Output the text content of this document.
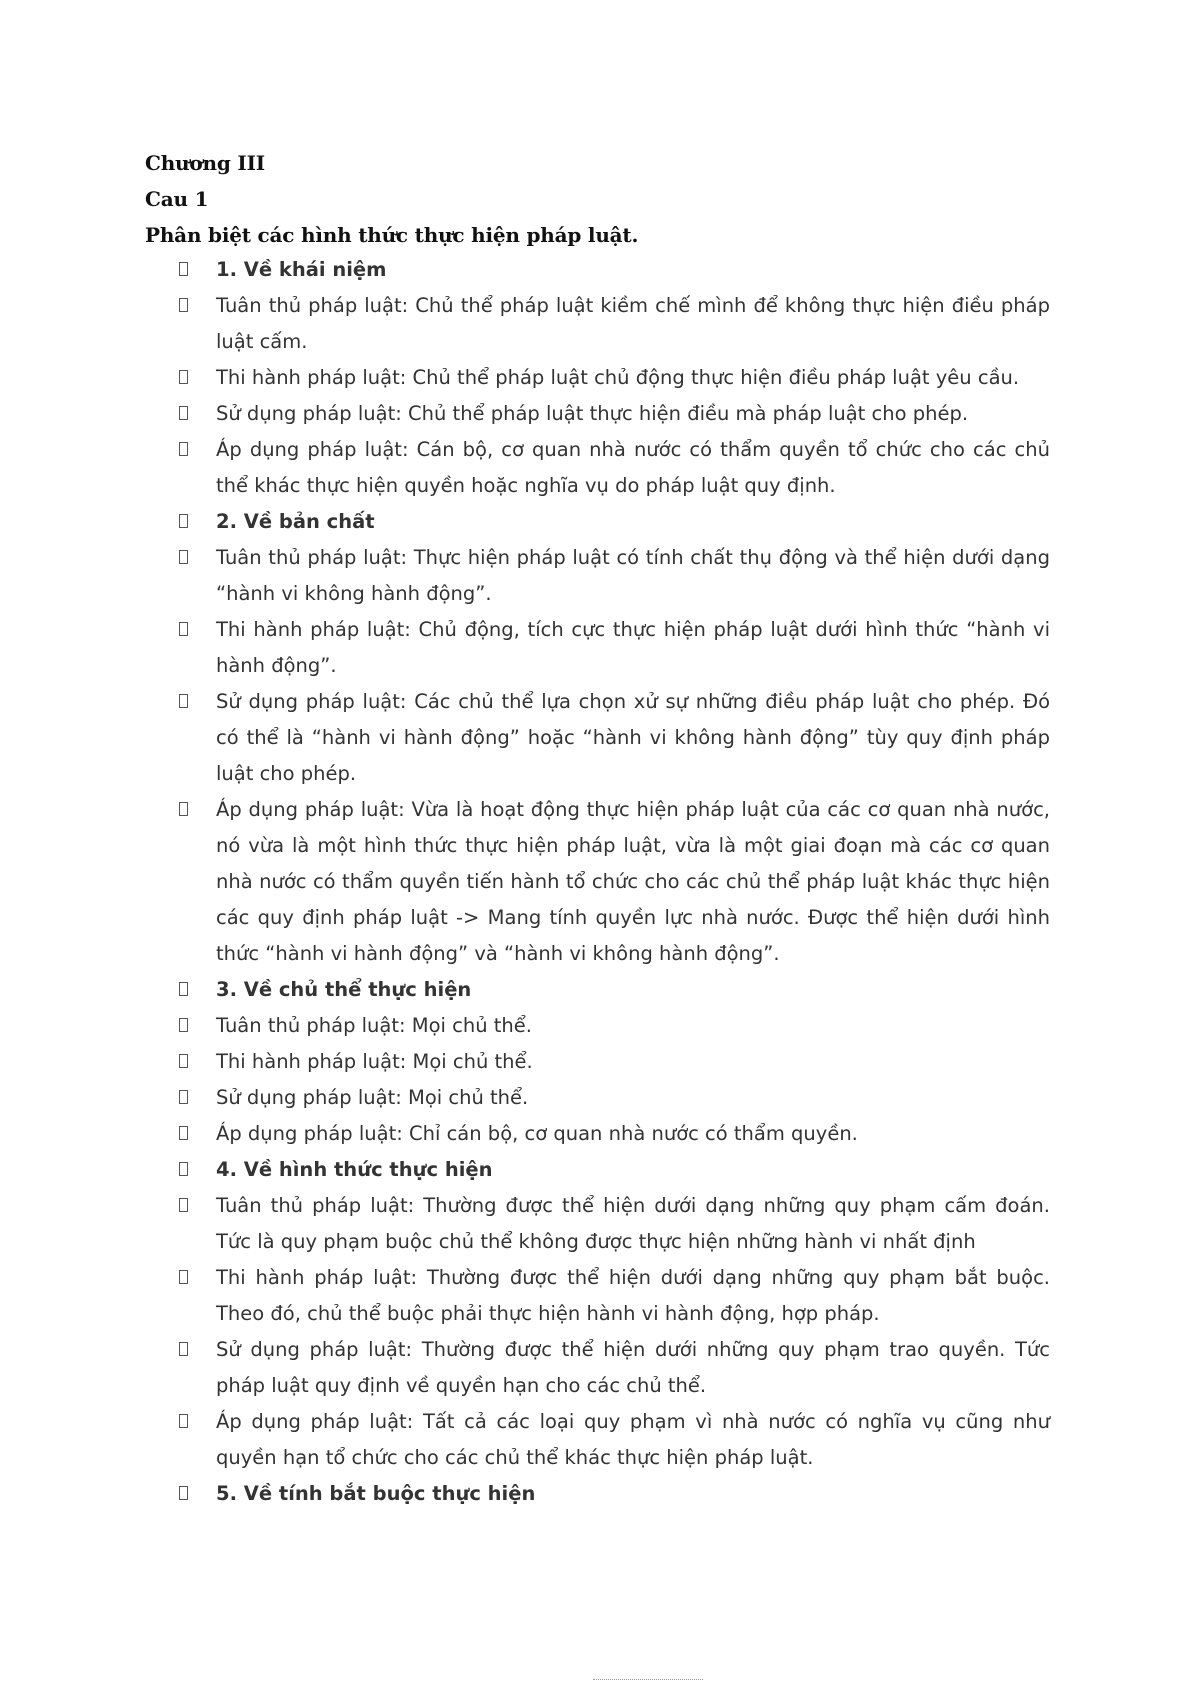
Chương III
Cau 1
Phân biệt các hình thức thực hiện pháp luật.
1. Về khái niệm
Tuân thủ pháp luật: Chủ thể pháp luật kiềm chế mình để không thực hiện điều pháp luật cấm.
Thi hành pháp luật: Chủ thể pháp luật chủ động thực hiện điều pháp luật yêu cầu.
Sử dụng pháp luật: Chủ thể pháp luật thực hiện điều mà pháp luật cho phép.
Áp dụng pháp luật: Cán bộ, cơ quan nhà nước có thẩm quyền tổ chức cho các chủ thể khác thực hiện quyền hoặc nghĩa vụ do pháp luật quy định.
2. Về bản chất
Tuân thủ pháp luật: Thực hiện pháp luật có tính chất thụ động và thể hiện dưới dạng “hành vi không hành động”.
Thi hành pháp luật: Chủ động, tích cực thực hiện pháp luật dưới hình thức “hành vi hành động”.
Sử dụng pháp luật: Các chủ thể lựa chọn xử sự những điều pháp luật cho phép. Đó có thể là “hành vi hành động” hoặc “hành vi không hành động” tùy quy định pháp luật cho phép.
Áp dụng pháp luật: Vừa là hoạt động thực hiện pháp luật của các cơ quan nhà nước, nó vừa là một hình thức thực hiện pháp luật, vừa là một giai đoạn mà các cơ quan nhà nước có thẩm quyền tiến hành tổ chức cho các chủ thể pháp luật khác thực hiện các quy định pháp luật -> Mang tính quyền lực nhà nước. Được thể hiện dưới hình thức “hành vi hành động” và “hành vi không hành động”.
3. Về chủ thể thực hiện
Tuân thủ pháp luật: Mọi chủ thể.
Thi hành pháp luật: Mọi chủ thể.
Sử dụng pháp luật: Mọi chủ thể.
Áp dụng pháp luật: Chỉ cán bộ, cơ quan nhà nước có thẩm quyền.
4. Về hình thức thực hiện
Tuân thủ pháp luật: Thường được thể hiện dưới dạng những quy phạm cấm đoán. Tức là quy phạm buộc chủ thể không được thực hiện những hành vi nhất định
Thi hành pháp luật: Thường được thể hiện dưới dạng những quy phạm bắt buộc. Theo đó, chủ thể buộc phải thực hiện hành vi hành động, hợp pháp.
Sử dụng pháp luật: Thường được thể hiện dưới những quy phạm trao quyền. Tức pháp luật quy định về quyền hạn cho các chủ thể.
Áp dụng pháp luật: Tất cả các loại quy phạm vì nhà nước có nghĩa vụ cũng như quyền hạn tổ chức cho các chủ thể khác thực hiện pháp luật.
5. Về tính bắt buộc thực hiện
